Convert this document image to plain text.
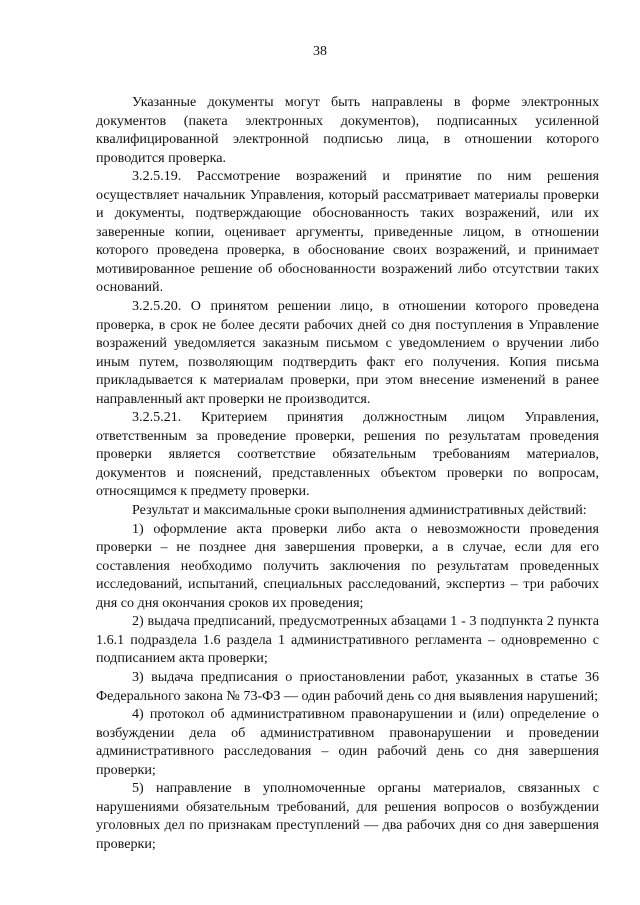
38

Указанные документы могут быть направлены в форме электронных документов (пакета электронных документов), подписанных усиленной квалифицированной электронной подписью лица, в отношении которого проводится проверка.

3.2.5.19. Рассмотрение возражений и принятие по ним решения осуществляет начальник Управления, который рассматривает материалы проверки и документы, подтверждающие обоснованность таких возражений, или их заверенные копии, оценивает аргументы, приведенные лицом, в отношении которого проведена проверка, в обоснование своих возражений, и принимает мотивированное решение об обоснованности возражений либо отсутствии таких оснований.

3.2.5.20. О принятом решении лицо, в отношении которого проведена проверка, в срок не более десяти рабочих дней со дня поступления в Управление возражений уведомляется заказным письмом с уведомлением о вручении либо иным путем, позволяющим подтвердить факт его получения. Копия письма прикладывается к материалам проверки, при этом внесение изменений в ранее направленный акт проверки не производится.

3.2.5.21. Критерием принятия должностным лицом Управления, ответственным за проведение проверки, решения по результатам проведения проверки является соответствие обязательным требованиям материалов, документов и пояснений, представленных объектом проверки по вопросам, относящимся к предмету проверки.

Результат и максимальные сроки выполнения административных действий:

1) оформление акта проверки либо акта о невозможности проведения проверки – не позднее дня завершения проверки, а в случае, если для его составления необходимо получить заключения по результатам проведенных исследований, испытаний, специальных расследований, экспертиз – три рабочих дня со дня окончания сроков их проведения;

2) выдача предписаний, предусмотренных абзацами 1 - 3 подпункта 2 пункта 1.6.1 подраздела 1.6 раздела 1 административного регламента – одновременно с подписанием акта проверки;

3) выдача предписания о приостановлении работ, указанных в статье 36 Федерального закона № 73-ФЗ — один рабочий день со дня выявления нарушений;

4) протокол об административном правонарушении и (или) определение о возбуждении дела об административном правонарушении и проведении административного расследования – один рабочий день со дня завершения проверки;

5) направление в уполномоченные органы материалов, связанных с нарушениями обязательным требований, для решения вопросов о возбуждении уголовных дел по признакам преступлений — два рабочих дня со дня завершения проверки;
